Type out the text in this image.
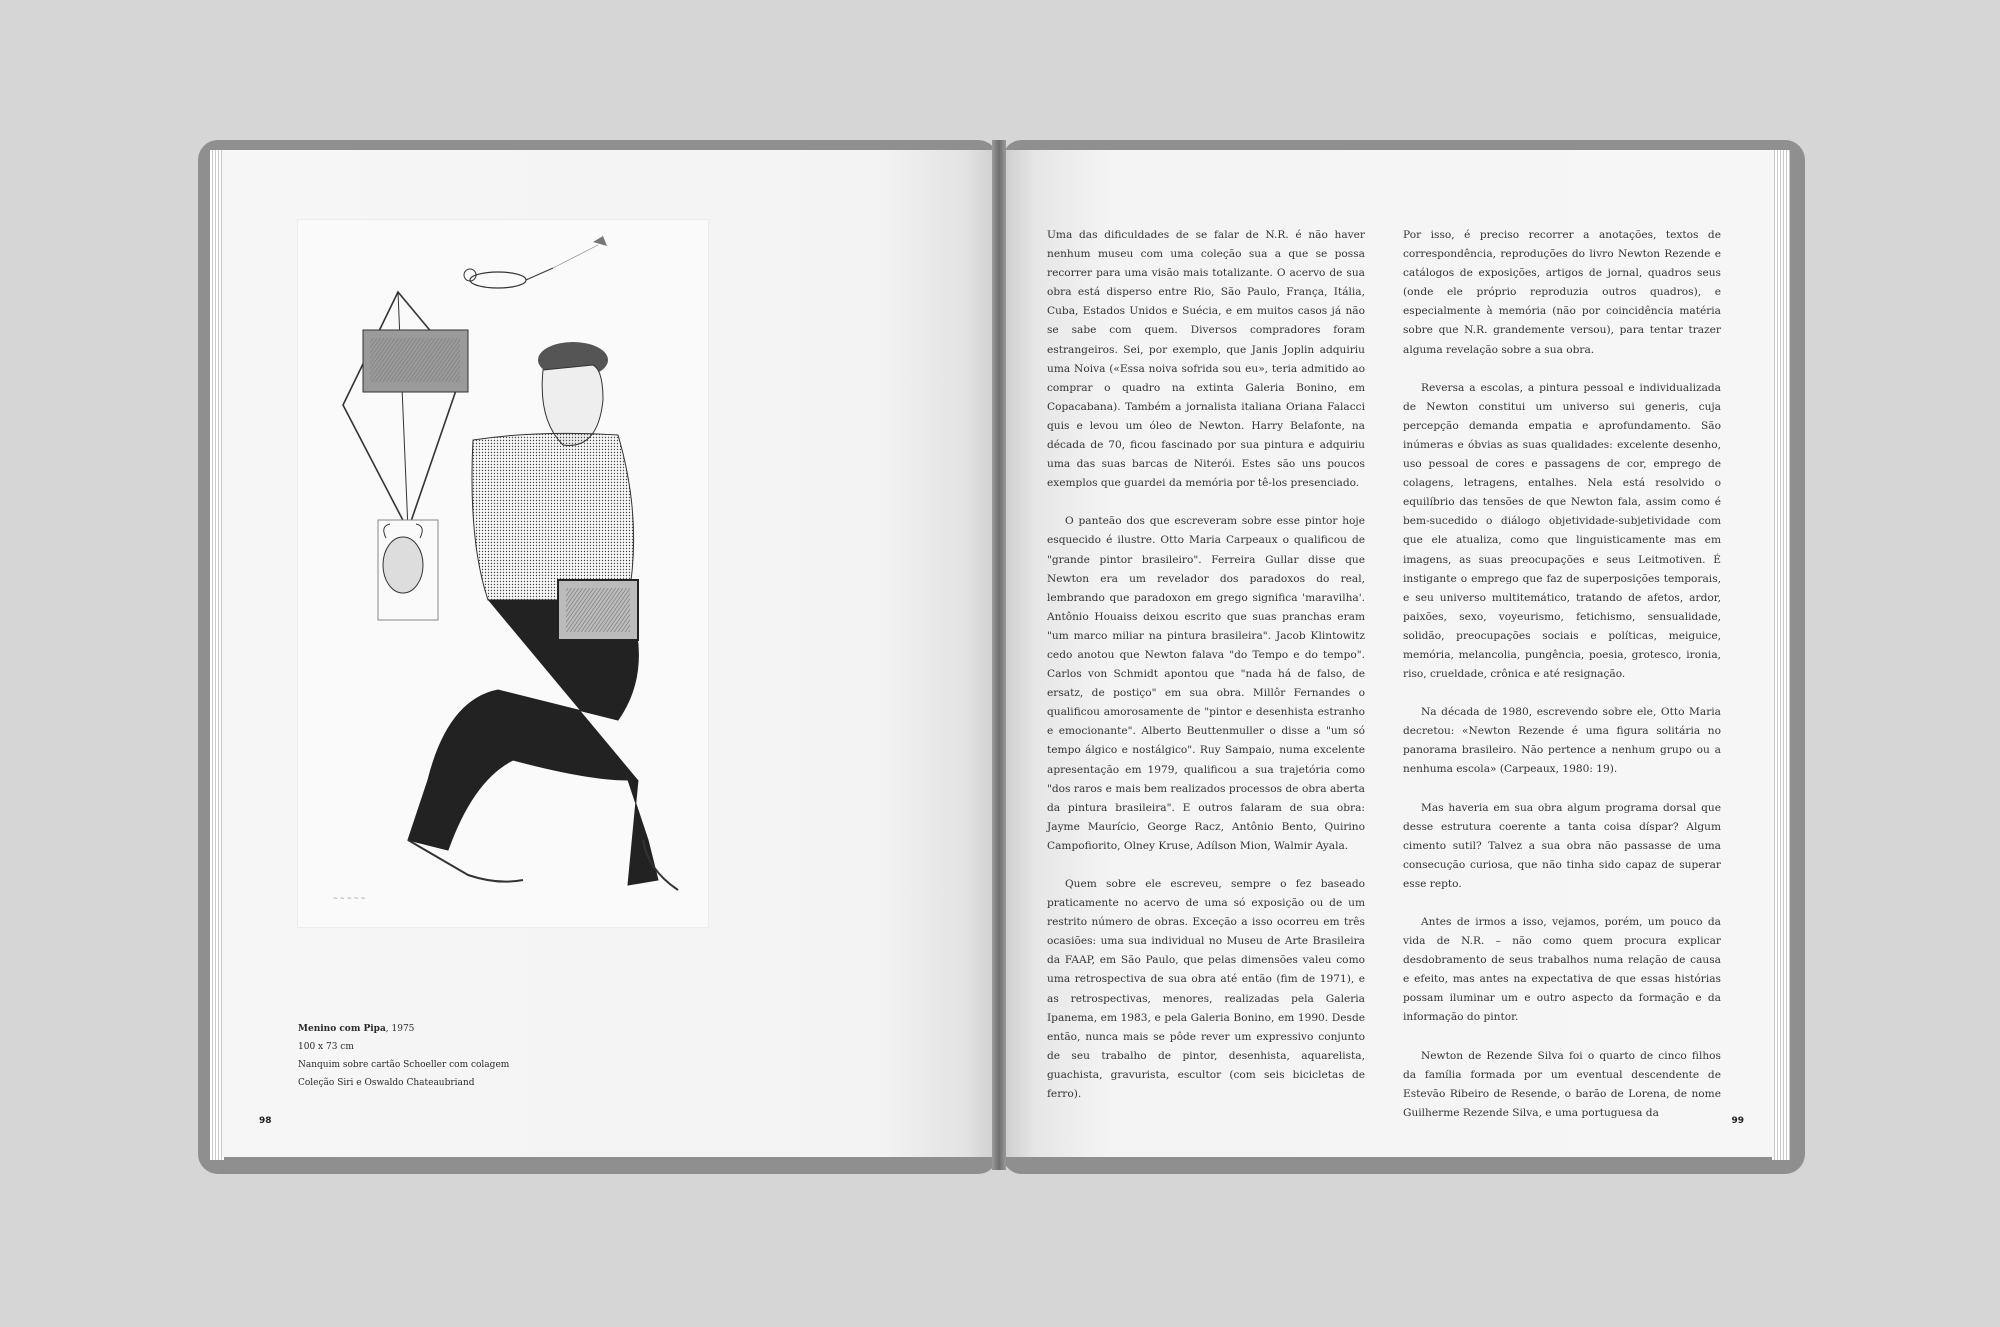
~ ~ ~ ~ ~
Menino com Pipa, 1975
100 x 73 cm
Nanquim sobre cartão Schoeller com colagem
Coleção Siri e Oswaldo Chateaubriand
98

Uma das dificuldades de se falar de N.R. é não haver nenhum museu com uma coleção sua a que se possa recorrer para uma visão mais totalizante. O acervo de sua obra está disperso entre Rio, São Paulo, França, Itália, Cuba, Estados Unidos e Suécia, e em muitos casos já não se sabe com quem. Diversos compradores foram estrangeiros. Sei, por exemplo, que Janis Joplin adquiriu uma Noiva («Essa noiva sofrida sou eu», teria admitido ao comprar o quadro na extinta Galeria Bonino, em Copacabana). Também a jornalista italiana Oriana Falacci quis e levou um óleo de Newton. Harry Belafonte, na década de 70, ficou fascinado por sua pintura e adquiriu uma das suas barcas de Niterói. Estes são uns poucos exemplos que guardei da memória por tê-los presenciado.

O panteão dos que escreveram sobre esse pintor hoje esquecido é ilustre. Otto Maria Carpeaux o qualificou de "grande pintor brasileiro". Ferreira Gullar disse que Newton era um revelador dos paradoxos do real, lembrando que paradoxon em grego significa 'maravilha'. Antônio Houaiss deixou escrito que suas pranchas eram "um marco miliar na pintura brasileira". Jacob Klintowitz cedo anotou que Newton falava "do Tempo e do tempo". Carlos von Schmidt apontou que "nada há de falso, de ersatz, de postiço" em sua obra. Millôr Fernandes o qualificou amorosamente de "pintor e desenhista estranho e emocionante". Alberto Beuttenmuller o disse a "um só tempo álgico e nostálgico". Ruy Sampaio, numa excelente apresentação em 1979, qualificou a sua trajetória como "dos raros e mais bem realizados processos de obra aberta da pintura brasileira". E outros falaram de sua obra: Jayme Maurício, George Racz, Antônio Bento, Quirino Campofiorito, Olney Kruse, Adílson Mion, Walmir Ayala.

Quem sobre ele escreveu, sempre o fez baseado praticamente no acervo de uma só exposição ou de um restrito número de obras. Exceção a isso ocorreu em três ocasiões: uma sua individual no Museu de Arte Brasileira da FAAP, em São Paulo, que pelas dimensões valeu como uma retrospectiva de sua obra até então (fim de 1971), e as retrospectivas, menores, realizadas pela Galeria Ipanema, em 1983, e pela Galeria Bonino, em 1990. Desde então, nunca mais se pôde rever um expressivo conjunto de seu trabalho de pintor, desenhista, aquarelista, guachista, gravurista, escultor (com seis bicicletas de ferro).

Por isso, é preciso recorrer a anotações, textos de correspondência, reproduções do livro Newton Rezende e catálogos de exposições, artigos de jornal, quadros seus (onde ele próprio reproduzia outros quadros), e especialmente à memória (não por coincidência matéria sobre que N.R. grandemente versou), para tentar trazer alguma revelação sobre a sua obra.

Reversa a escolas, a pintura pessoal e individualizada de Newton constitui um universo sui generis, cuja percepção demanda empatia e aprofundamento. São inúmeras e óbvias as suas qualidades: excelente desenho, uso pessoal de cores e passagens de cor, emprego de colagens, letragens, entalhes. Nela está resolvido o equilíbrio das tensões de que Newton fala, assim como é bem-sucedido o diálogo objetividade-subjetividade com que ele atualiza, como que linguisticamente mas em imagens, as suas preocupações e seus Leitmotiven. É instigante o emprego que faz de superposições temporais, e seu universo multitemático, tratando de afetos, ardor, paixões, sexo, voyeurismo, fetichismo, sensualidade, solidão, preocupações sociais e políticas, meiguice, memória, melancolia, pungência, poesia, grotesco, ironia, riso, crueldade, crônica e até resignação.

Na década de 1980, escrevendo sobre ele, Otto Maria decretou: «Newton Rezende é uma figura solitária no panorama brasileiro. Não pertence a nenhum grupo ou a nenhuma escola» (Carpeaux, 1980: 19).

Mas haveria em sua obra algum programa dorsal que desse estrutura coerente a tanta coisa díspar? Algum cimento sutil? Talvez a sua obra não passasse de uma consecução curiosa, que não tinha sido capaz de superar esse repto.

Antes de irmos a isso, vejamos, porém, um pouco da vida de N.R. – não como quem procura explicar desdobramento de seus trabalhos numa relação de causa e efeito, mas antes na expectativa de que essas histórias possam iluminar um e outro aspecto da formação e da informação do pintor.

Newton de Rezende Silva foi o quarto de cinco filhos da família formada por um eventual descendente de Estevão Ribeiro de Resende, o barão de Lorena, de nome Guilherme Rezende Silva, e uma portuguesa da

99
